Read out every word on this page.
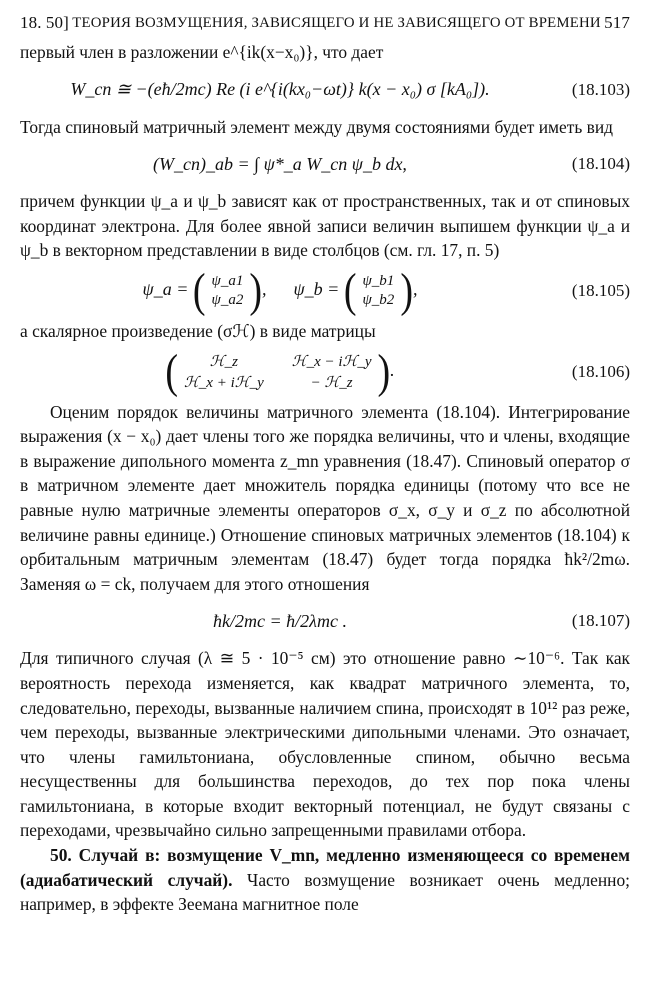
18. 50] ТЕОРИЯ ВОЗМУЩЕНИЯ, ЗАВИСЯЩЕГО И НЕ ЗАВИСЯЩЕГО ОТ ВРЕМЕНИ 517

первый член в разложении e^{ik(x−x₀)}, что дает

W_сп ≅ −(eħ/2mc) Re (i e^{i(kx₀−ωt)} k(x − x₀) σ [kA₀]).	(18.103)

Тогда спиновый матричный элемент между двумя состояниями будет иметь вид

(W_сп)_ab = ∫ ψ*_a W_сп ψ_b dx,	(18.104)

причем функции ψ_a и ψ_b зависят как от пространственных, так и от спиновых координат электрона. Для более явной записи величин выпишем функции ψ_a и ψ_b в векторном представлении в виде столбцов (см. гл. 17, п. 5)

ψ_a = ( ψ_a1
ψ_a2 ) ,      ψ_b = ( ψ_b1
ψ_b2 ) ,	(18.105)

а скалярное произведение (σℋ) в виде матрицы

(	ℋ_z	ℋ_x − iℋ_y
ℋ_x + iℋ_y	− ℋ_z ) .	(18.106)

Оценим порядок величины матричного элемента (18.104). Интегрирование выражения (x − x₀) дает члены того же порядка величины, что и члены, входящие в выражение дипольного момента z_mn уравнения (18.47). Спиновый оператор σ в матричном элементе дает множитель порядка единицы (потому что все не равные нулю матричные элементы операторов σ_x, σ_y и σ_z по абсолютной величине равны единице.) Отношение спиновых матричных элементов (18.104) к орбитальным матричным элементам (18.47) будет тогда порядка ħk²/2mω. Заменяя ω = ck, получаем для этого отношения

ħk/2mc = ħ/2λmc .	(18.107)

Для типичного случая (λ ≅ 5 · 10⁻⁵ см) это отношение равно ∼10⁻⁶. Так как вероятность перехода изменяется, как квадрат матричного элемента, то, следовательно, переходы, вызванные наличием спина, происходят в 10¹² раз реже, чем переходы, вызванные электрическими дипольными членами. Это означает, что члены гамильтониана, обусловленные спином, обычно весьма несущественны для большинства переходов, до тех пор пока члены гамильтониана, в которые входит векторный потенциал, не будут связаны с переходами, чрезвычайно сильно запрещенными правилами отбора.

50. Случай в: возмущение V_mn, медленно изменяющееся со временем (адиабатический случай). Часто возмущение возникает очень медленно; например, в эффекте Зеемана магнитное поле
